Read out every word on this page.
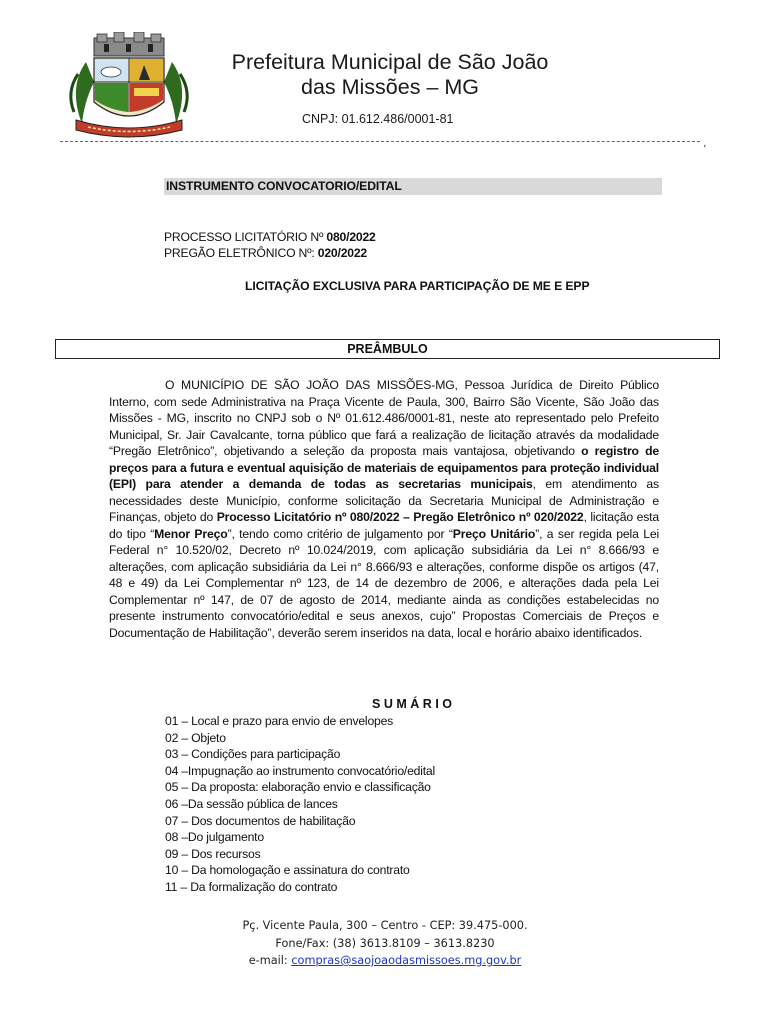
Prefeitura Municipal de São João
das Missões – MG
CNPJ: 01.612.486/0001-81
،
INSTRUMENTO CONVOCATORIO/EDITAL
PROCESSO LICITATÓRIO Nº 080/2022
PREGÃO ELETRÔNICO Nº: 020/2022
LICITAÇÃO EXCLUSIVA PARA PARTICIPAÇÃO DE ME E EPP
PREÂMBULO
O MUNICÍPIO DE SÃO JOÃO DAS MISSÕES-MG, Pessoa Jurídica de Direito Público Interno, com sede Administrativa na Praça Vicente de Paula, 300, Bairro São Vicente, São João das Missões - MG, inscrito no CNPJ sob o Nº 01.612.486/0001-81, neste ato representado pelo Prefeito Municipal, Sr. Jair Cavalcante, torna público que fará a realização de licitação através da modalidade “Pregão Eletrônico”, objetivando a seleção da proposta mais vantajosa, objetivando o registro de preços para a futura e eventual aquisição de materiais de equipamentos para proteção individual (EPI) para atender a demanda de todas as secretarias municipais, em atendimento as necessidades deste Município, conforme solicitação da Secretaria Municipal de Administração e Finanças, objeto do Processo Licitatório nº 080/2022 – Pregão Eletrônico nº 020/2022, licitação esta do tipo “Menor Preço”, tendo como critério de julgamento por “Preço Unitário”, a ser regida pela Lei Federal n° 10.520/02, Decreto nº 10.024/2019, com aplicação subsidiária da Lei n° 8.666/93 e alterações, com aplicação subsidiária da Lei n° 8.666/93 e alterações, conforme dispõe os artigos (47, 48 e 49) da Lei Complementar nº 123, de 14 de dezembro de 2006, e alterações dada pela Lei Complementar nº 147, de 07 de agosto de 2014, mediante ainda as condições estabelecidas no presente instrumento convocatório/edital e seus anexos, cujo” Propostas Comerciais de Preços e Documentação de Habilitação”, deverão serem inseridos na data, local e horário abaixo identificados.
SUMÁRIO
01 – Local e prazo para envio de envelopes
02 – Objeto
03 – Condições para participação
04 –Impugnação ao instrumento convocatório/edital
05 – Da proposta: elaboração envio e classificação
06 –Da sessão pública de lances
07 – Dos documentos de habilitação
08 –Do julgamento
09 – Dos recursos
10 – Da homologação e assinatura do contrato
11 – Da formalização do contrato
Pç. Vicente Paula, 300 – Centro - CEP: 39.475-000.
Fone/Fax: (38) 3613.8109 – 3613.8230
e-mail: compras@saojoaodasmissoes.mg.gov.br
